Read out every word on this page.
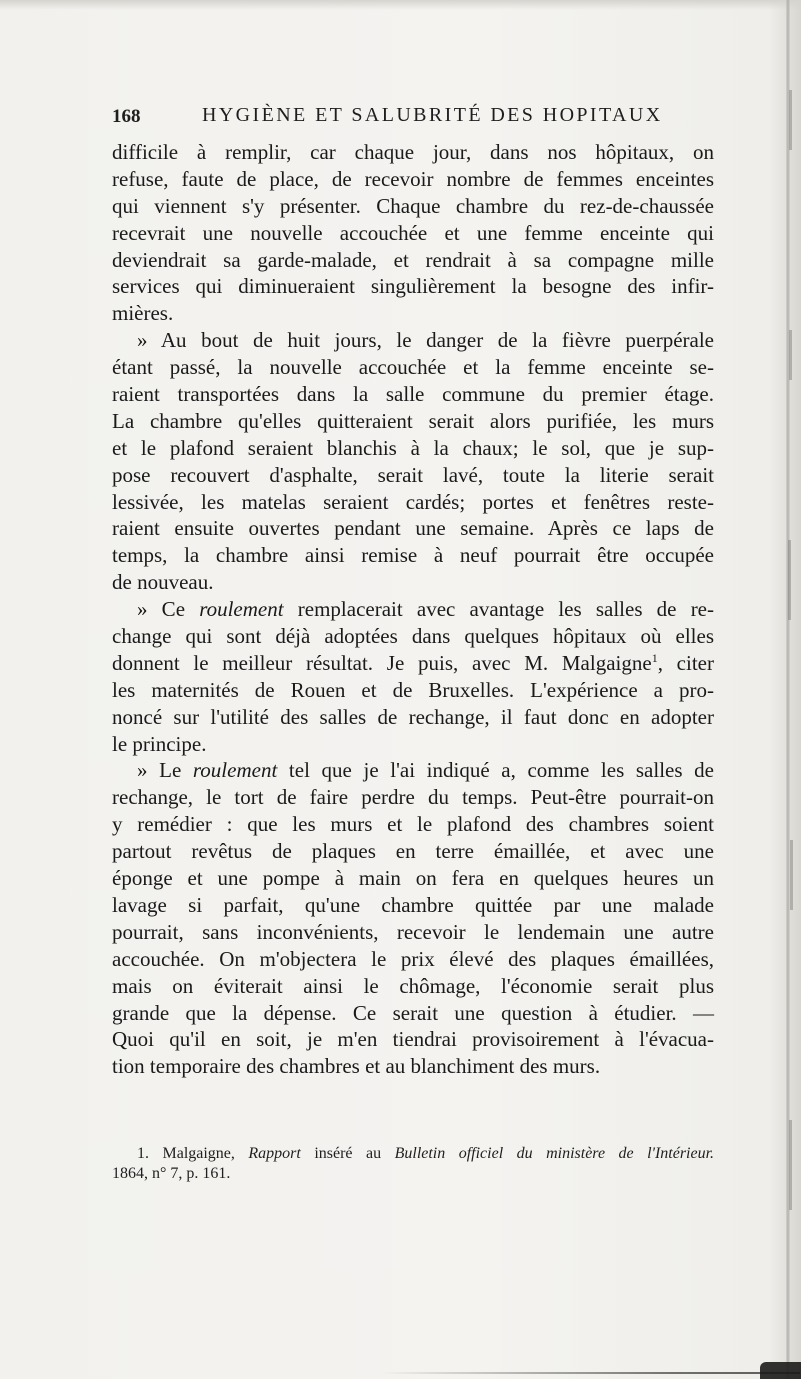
168	HYGIÈNE ET SALUBRITÉ DES HOPITAUX
difficile à remplir, car chaque jour, dans nos hôpitaux, on
refuse, faute de place, de recevoir nombre de femmes enceintes
qui viennent s'y présenter. Chaque chambre du rez-de-chaussée
recevrait une nouvelle accouchée et une femme enceinte qui
deviendrait sa garde-malade, et rendrait à sa compagne mille
services qui diminueraient singulièrement la besogne des infir-
mières.
» Au bout de huit jours, le danger de la fièvre puerpérale
étant passé, la nouvelle accouchée et la femme enceinte se-
raient transportées dans la salle commune du premier étage.
La chambre qu'elles quitteraient serait alors purifiée, les murs
et le plafond seraient blanchis à la chaux; le sol, que je sup-
pose recouvert d'asphalte, serait lavé, toute la literie serait
lessivée, les matelas seraient cardés; portes et fenêtres reste-
raient ensuite ouvertes pendant une semaine. Après ce laps de
temps, la chambre ainsi remise à neuf pourrait être occupée
de nouveau.
» Ce roulement remplacerait avec avantage les salles de re-
change qui sont déjà adoptées dans quelques hôpitaux où elles
donnent le meilleur résultat. Je puis, avec M. Malgaigne$^1$, citer
les maternités de Rouen et de Bruxelles. L'expérience a pro-
noncé sur l'utilité des salles de rechange, il faut donc en adopter
le principe.
» Le roulement tel que je l'ai indiqué a, comme les salles de
rechange, le tort de faire perdre du temps. Peut-être pourrait-on
y remédier : que les murs et le plafond des chambres soient
partout revêtus de plaques en terre émaillée, et avec une
éponge et une pompe à main on fera en quelques heures un
lavage si parfait, qu'une chambre quittée par une malade
pourrait, sans inconvénients, recevoir le lendemain une autre
accouchée. On m'objectera le prix élevé des plaques émaillées,
mais on éviterait ainsi le chômage, l'économie serait plus
grande que la dépense. Ce serait une question à étudier. —
Quoi qu'il en soit, je m'en tiendrai provisoirement à l'évacua-
tion temporaire des chambres et au blanchiment des murs.
1. Malgaigne, Rapport inséré au Bulletin officiel du ministère de l'Intérieur.
1864, n° 7, p. 161.
